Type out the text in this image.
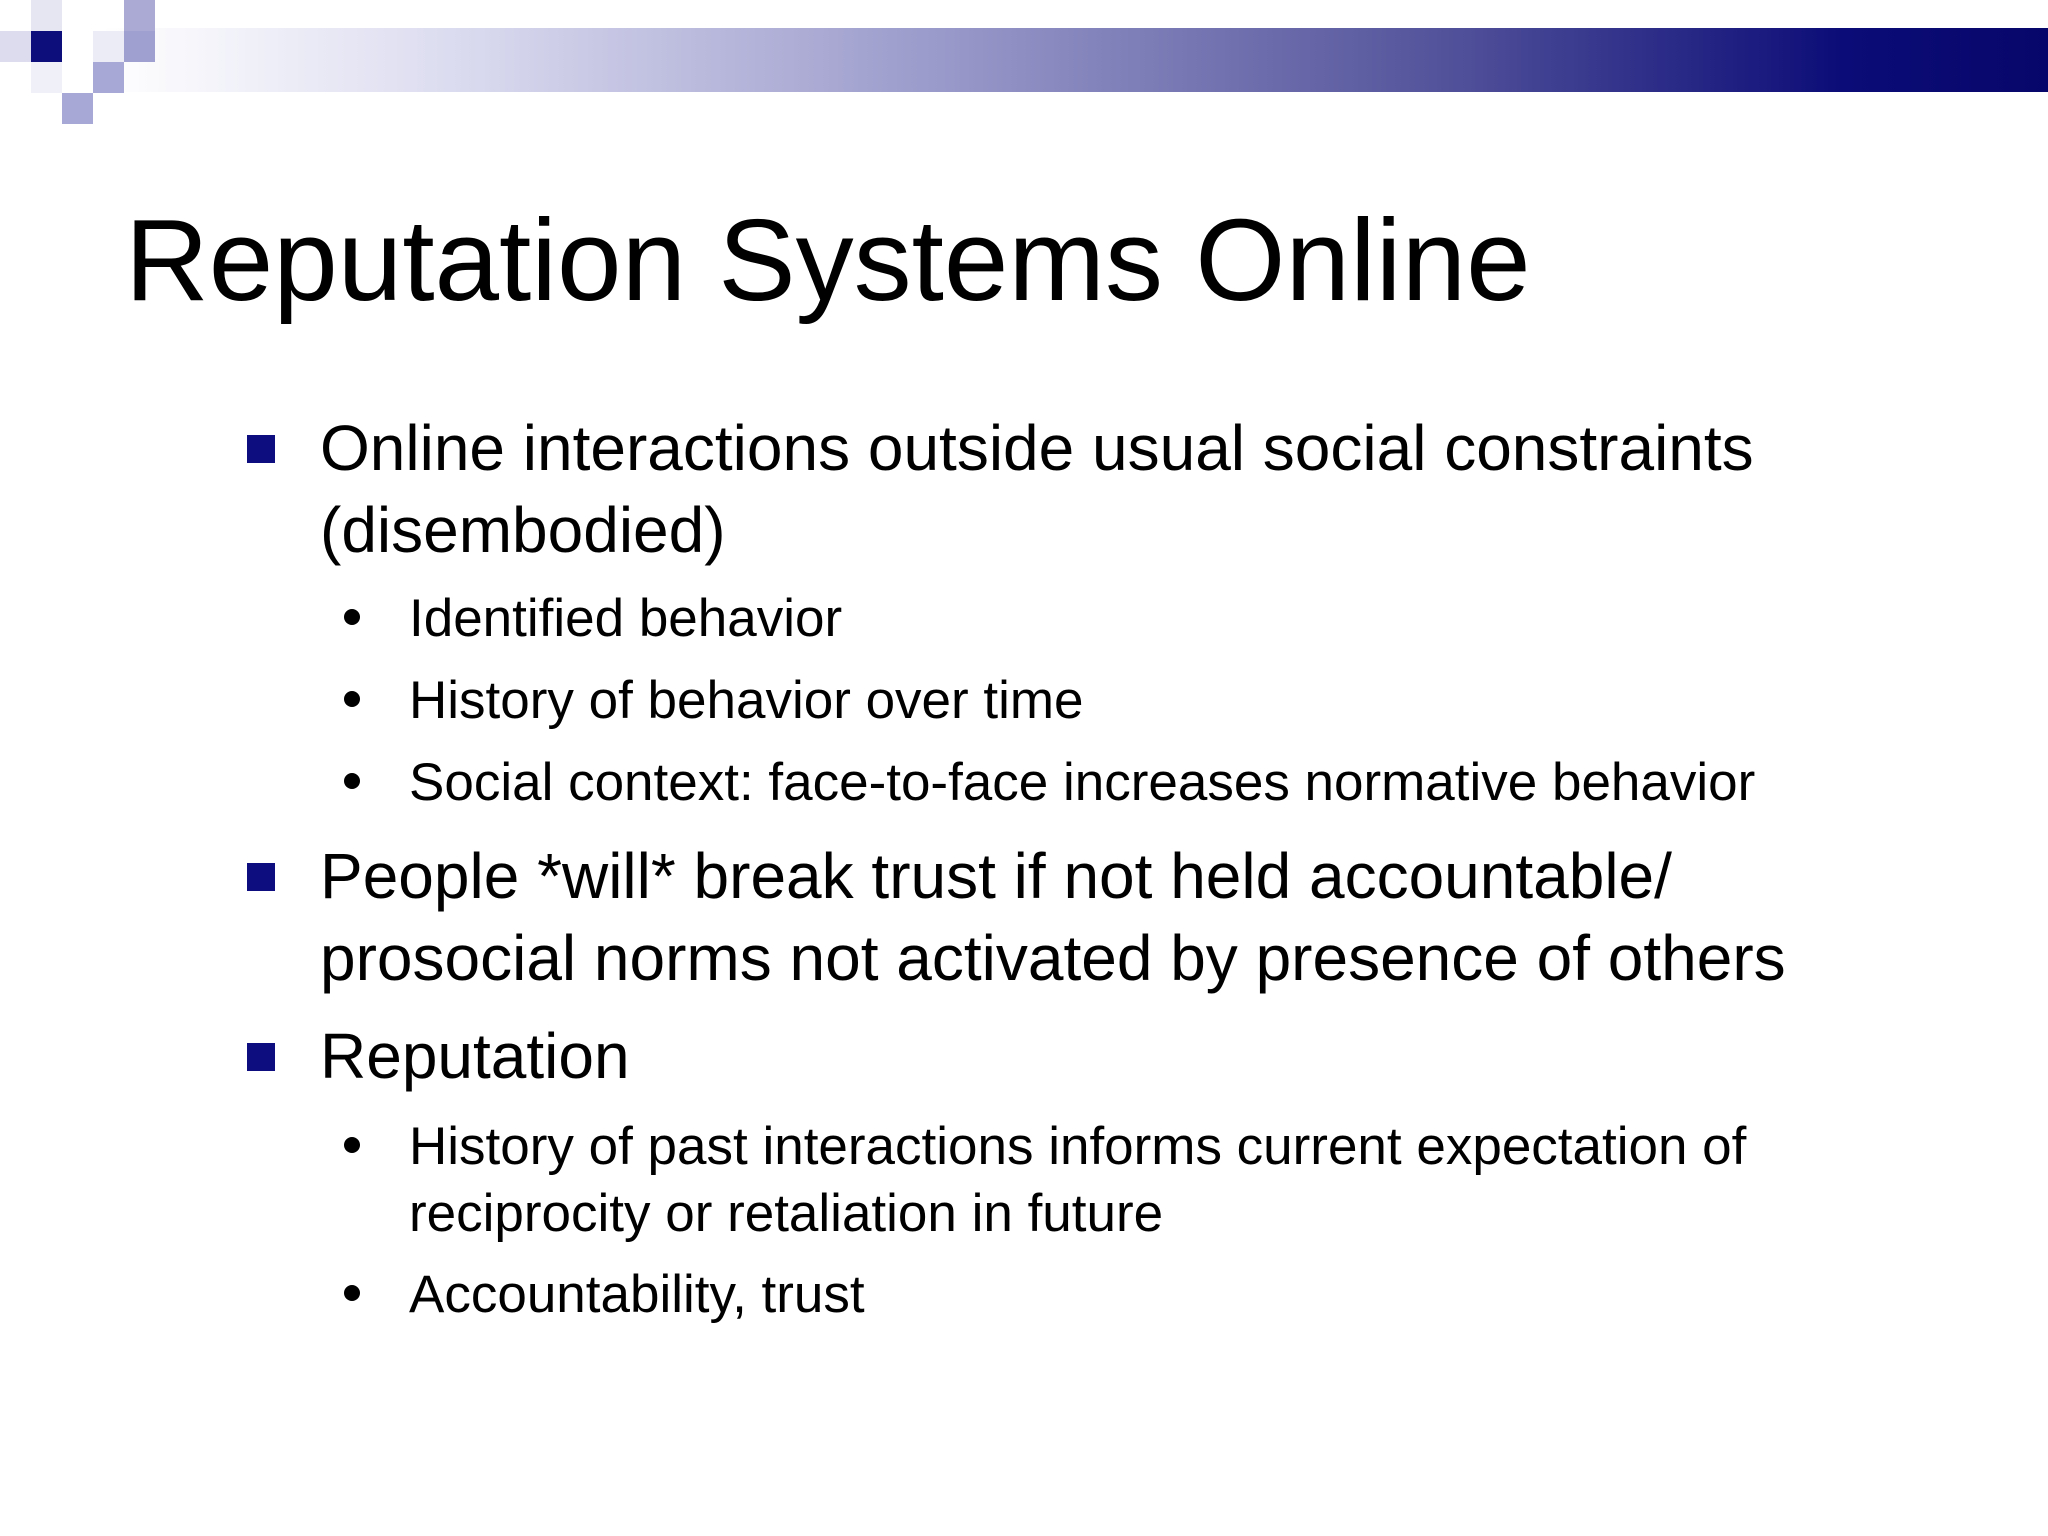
Reputation Systems Online
Online interactions outside usual social constraints
(disembodied)
Identified behavior
History of behavior over time
Social context: face-to-face increases normative behavior
People *will* break trust if not held accountable/
prosocial norms not activated by presence of others
Reputation
History of past interactions informs current expectation of
reciprocity or retaliation in future
Accountability, trust
